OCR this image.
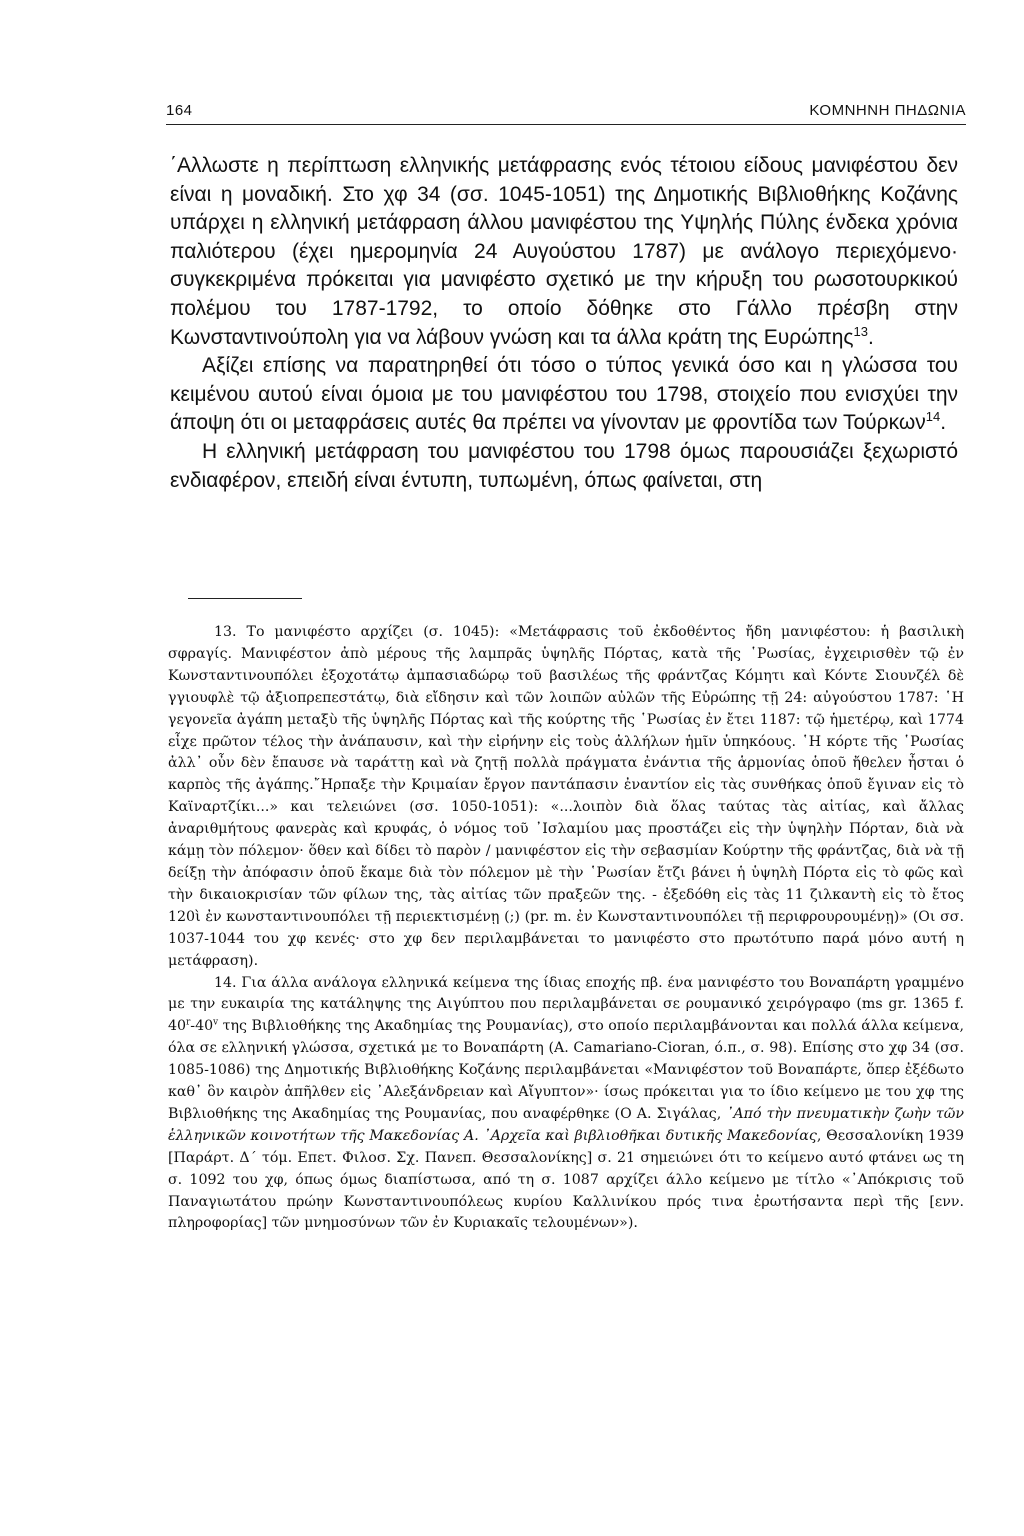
164	ΚΟΜΝΗΝΗ ΠΗΔΩΝΙΑ

΄Αλλωστε η περίπτωση ελληνικής μετάφρασης ενός τέτοιου είδους μανιφέστου δεν είναι η μοναδική. Στο χφ 34 (σσ. 1045-1051) της Δημοτικής Βιβλιοθήκης Κοζάνης υπάρχει η ελληνική μετάφραση άλλου μανιφέστου της Υψηλής Πύλης ένδεκα χρόνια παλιότερου (έχει ημερομηνία 24 Αυγούστου 1787) με ανάλογο περιεχόμενο· συγκεκριμένα πρόκειται για μανιφέστο σχετικό με την κήρυξη του ρωσοτουρκικού πολέμου του 1787-1792, το οποίο δόθηκε στο Γάλλο πρέσβη στην Κωνσταντινούπολη για να λάβουν γνώση και τα άλλα κράτη της Ευρώπης$^{13}$.

Αξίζει επίσης να παρατηρηθεί ότι τόσο ο τύπος γενικά όσο και η γλώσσα του κειμένου αυτού είναι όμοια με του μανιφέστου του 1798, στοιχείο που ενισχύει την άποψη ότι οι μεταφράσεις αυτές θα πρέπει να γίνονταν με φροντίδα των Τούρκων$^{14}$.

Η ελληνική μετάφραση του μανιφέστου του 1798 όμως παρουσιάζει ξεχωριστό ενδιαφέρον, επειδή είναι έντυπη, τυπωμένη, όπως φαίνεται, στη

13. Το μανιφέστο αρχίζει (σ. 1045): «Μετάφρασις τοῦ ἐκδοθέντος ἤδη μανιφέστου: ἡ βασιλικὴ σφραγίς. Μανιφέστον ἀπὸ μέρους τῆς λαμπρᾶς ὑψηλῆς Πόρτας, κατὰ τῆς ῾Ρωσίας, ἐγχειρισθὲν τῷ ἐν Κωνσταντινουπόλει ἐξοχοτάτῳ ἀμπασιαδώρῳ τοῦ βασιλέως τῆς φράντζας Κόμητι καὶ Κόντε Σιουνζέλ δὲ γγιουφλὲ τῷ ἀξιοπρεπεστάτῳ, διὰ εἴδησιν καὶ τῶν λοιπῶν αὐλῶν τῆς Εὐρώπης τῇ 24: αὐγούστου 1787: ῾Η γεγονεῖα ἀγάπη μεταξὺ τῆς ὑψηλῆς Πόρτας καὶ τῆς κούρτης τῆς ῾Ρωσίας ἐν ἔτει 1187: τῷ ἡμετέρῳ, καὶ 1774 εἶχε πρῶτον τέλος τὴν ἀνάπαυσιν, καὶ τὴν εἰρήνην εἰς τοὺς ἀλλήλων ἡμῖν ὑπηκόους. ῾Η κόρτε τῆς ῾Ρωσίας ἀλλ᾽ οὖν δὲν ἔπαυσε νὰ ταράττῃ καὶ νὰ ζητῇ πολλὰ πράγματα ἐνάντια τῆς ἁρμονίας ὁποῦ ἤθελεν ἦσται ὁ καρπὸς τῆς ἀγάπης.῎Ηρπαξε τὴν Κριμαίαν ἔργον παντάπασιν ἐναντίον εἰς τὰς συνθήκας ὁποῦ ἔγιναν εἰς τὸ Καϊναρτζίκι...» και τελειώνει (σσ. 1050-1051): «...λοιπὸν διὰ ὅλας ταύτας τὰς αἰτίας, καὶ ἄλλας ἀναριθμήτους φανερὰς καὶ κρυφάς, ὁ νόμος τοῦ ᾽Ισλαμίου μας προστάζει εἰς τὴν ὑψηλὴν Πόρταν, διὰ νὰ κάμῃ τὸν πόλεμον· ὅθεν καὶ δίδει τὸ παρὸν / μανιφέστον εἰς τὴν σεβασμίαν Κούρτην τῆς φράντζας, διὰ νὰ τῇ δείξῃ τὴν ἀπόφασιν ὁποῦ ἔκαμε διὰ τὸν πόλεμον μὲ τὴν ῾Ρωσίαν ἔτζι βάνει ἡ ὑψηλὴ Πόρτα εἰς τὸ φῶς καὶ τὴν δικαιοκρισίαν τῶν φίλων της, τὰς αἰτίας τῶν πραξεῶν της. - ἐξεδόθη εἰς τὰς 11 ζιλκαντὴ εἰς τὸ ἔτος 120ὶ ἐν κωνσταντινουπόλει τῇ περιεκτισμένῃ (;) (pr. m. ἐν Κωνσταντινουπόλει τῇ περιφρουρουμένῃ)» (Οι σσ. 1037-1044 του χφ κενές· στο χφ δεν περιλαμβάνεται το μανιφέστο στο πρωτότυπο παρά μόνο αυτή η μετάφραση).

14. Για άλλα ανάλογα ελληνικά κείμενα της ίδιας εποχής πβ. ένα μανιφέστο του Βοναπάρτη γραμμένο με την ευκαιρία της κατάληψης της Αιγύπτου που περιλαμβάνεται σε ρουμανικό χειρόγραφο (ms gr. 1365 f. 40$^r$-40$^v$ της Βιβλιοθήκης της Ακαδημίας της Ρουμανίας), στο οποίο περιλαμβάνονται και πολλά άλλα κείμενα, όλα σε ελληνική γλώσσα, σχετικά με το Βοναπάρτη (A. Camariano-Cioran, ό.π., σ. 98). Επίσης στο χφ 34 (σσ. 1085-1086) της Δημοτικής Βιβλιοθήκης Κοζάνης περιλαμβάνεται «Μανιφέστον τοῦ Βοναπάρτε, ὅπερ ἐξέδωτο καθ᾽ ὃν καιρὸν ἀπῆλθεν εἰς ᾽Αλεξάνδρειαν καὶ Αἴγυπτον»· ίσως πρόκειται για το ίδιο κείμενο με του χφ της Βιβλιοθήκης της Ακαδημίας της Ρουμανίας, που αναφέρθηκε (Ο Α. Σιγάλας, ᾽Από τὴν πνευματικὴν ζωὴν τῶν ἑλληνικῶν κοινοτήτων τῆς Μακεδονίας Α. ᾽Αρχεῖα καὶ βιβλιοθῆκαι δυτικῆς Μακεδονίας, Θεσσαλονίκη 1939 [Παράρτ. Δ΄ τόμ. Επετ. Φιλοσ. Σχ. Πανεπ. Θεσσαλονίκης] σ. 21 σημειώνει ότι το κείμενο αυτό φτάνει ως τη σ. 1092 του χφ, όπως όμως διαπίστωσα, από τη σ. 1087 αρχίζει άλλο κείμενο με τίτλο «᾽Απόκρισις τοῦ Παναγιωτάτου πρώην Κωνσταντινουπόλεως κυρίου Καλλινίκου πρός τινα ἐρωτήσαντα περὶ τῆς [ενν. πληροφορίας] τῶν μνημοσύνων τῶν ἐν Κυριακαῖς τελουμένων»).
